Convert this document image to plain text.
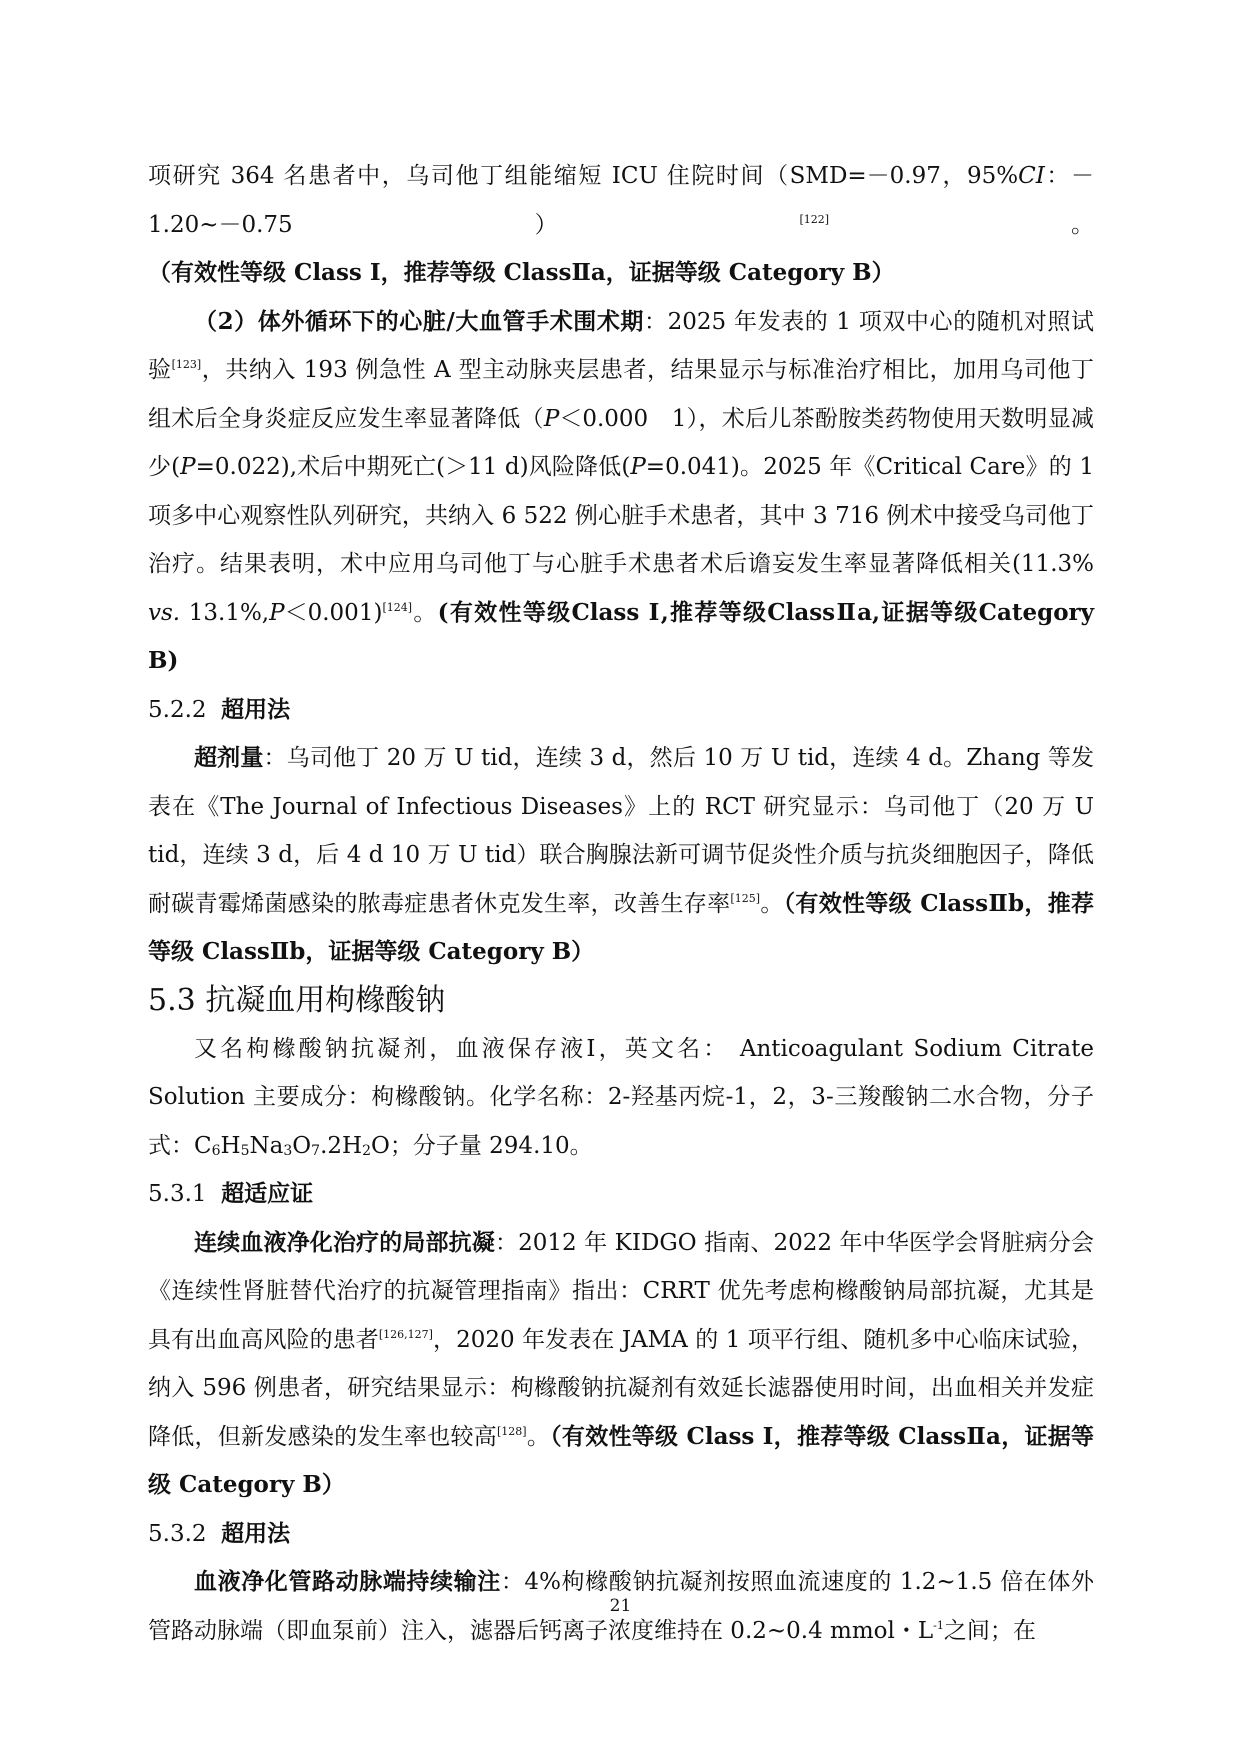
项研究 364 名患者中，乌司他丁组能缩短 ICU 住院时间（SMD=－0.97，95%CI：－1.20~－0.75）[122]。（有效性等级 Class Ⅰ，推荐等级 ClassⅡa，证据等级 Category B）

（2）体外循环下的心脏/大血管手术围术期：2025 年发表的 1 项双中心的随机对照试验[123]，共纳入 193 例急性 A 型主动脉夹层患者，结果显示与标准治疗相比，加用乌司他丁组术后全身炎症反应发生率显著降低（P＜0.000　1），术后儿茶酚胺类药物使用天数明显减少(P=0.022),术后中期死亡(＞11 d)风险降低(P=0.041)。2025 年《Critical Care》的 1 项多中心观察性队列研究，共纳入 6 522 例心脏手术患者，其中 3 716 例术中接受乌司他丁治疗。结果表明，术中应用乌司他丁与心脏手术患者术后谵妄发生率显著降低相关(11.3% vs. 13.1%,P＜0.001)[124]。(有效性等级Class Ⅰ,推荐等级ClassⅡa,证据等级Category B)

5.2.2 超用法

超剂量：乌司他丁 20 万 U tid，连续 3 d，然后 10 万 U tid，连续 4 d。Zhang 等发表在《The Journal of Infectious Diseases》上的 RCT 研究显示：乌司他丁（20 万 U tid，连续 3 d，后 4 d 10 万 U tid）联合胸腺法新可调节促炎性介质与抗炎细胞因子，降低耐碳青霉烯菌感染的脓毒症患者休克发生率，改善生存率[125]。（有效性等级 ClassⅡb，推荐等级 ClassⅡb，证据等级 Category B）

5.3 抗凝血用枸橼酸钠

又名枸橼酸钠抗凝剂，血液保存液Ⅰ，英文名： Anticoagulant Sodium Citrate Solution 主要成分：枸橼酸钠。化学名称：2-羟基丙烷-1，2，3-三羧酸钠二水合物，分子式：$C_6H_5Na_3O_7.2H_2O$；分子量 294.10。

5.3.1 超适应证

连续血液净化治疗的局部抗凝：2012 年 KIDGO 指南、2022 年中华医学会肾脏病分会《连续性肾脏替代治疗的抗凝管理指南》指出：CRRT 优先考虑枸橼酸钠局部抗凝，尤其是具有出血高风险的患者[126,127]，2020 年发表在 JAMA 的 1 项平行组、随机多中心临床试验，纳入 596 例患者，研究结果显示：枸橼酸钠抗凝剂有效延长滤器使用时间，出血相关并发症降低，但新发感染的发生率也较高[128]。（有效性等级 Class Ⅰ，推荐等级 ClassⅡa，证据等级 Category B）

5.3.2 超用法

血液净化管路动脉端持续输注：4%枸橼酸钠抗凝剂按照血流速度的 1.2~1.5 倍在体外管路动脉端（即血泵前）注入，滤器后钙离子浓度维持在 0.2~0.4 mmol・$L^{-1}$之间；在

21
